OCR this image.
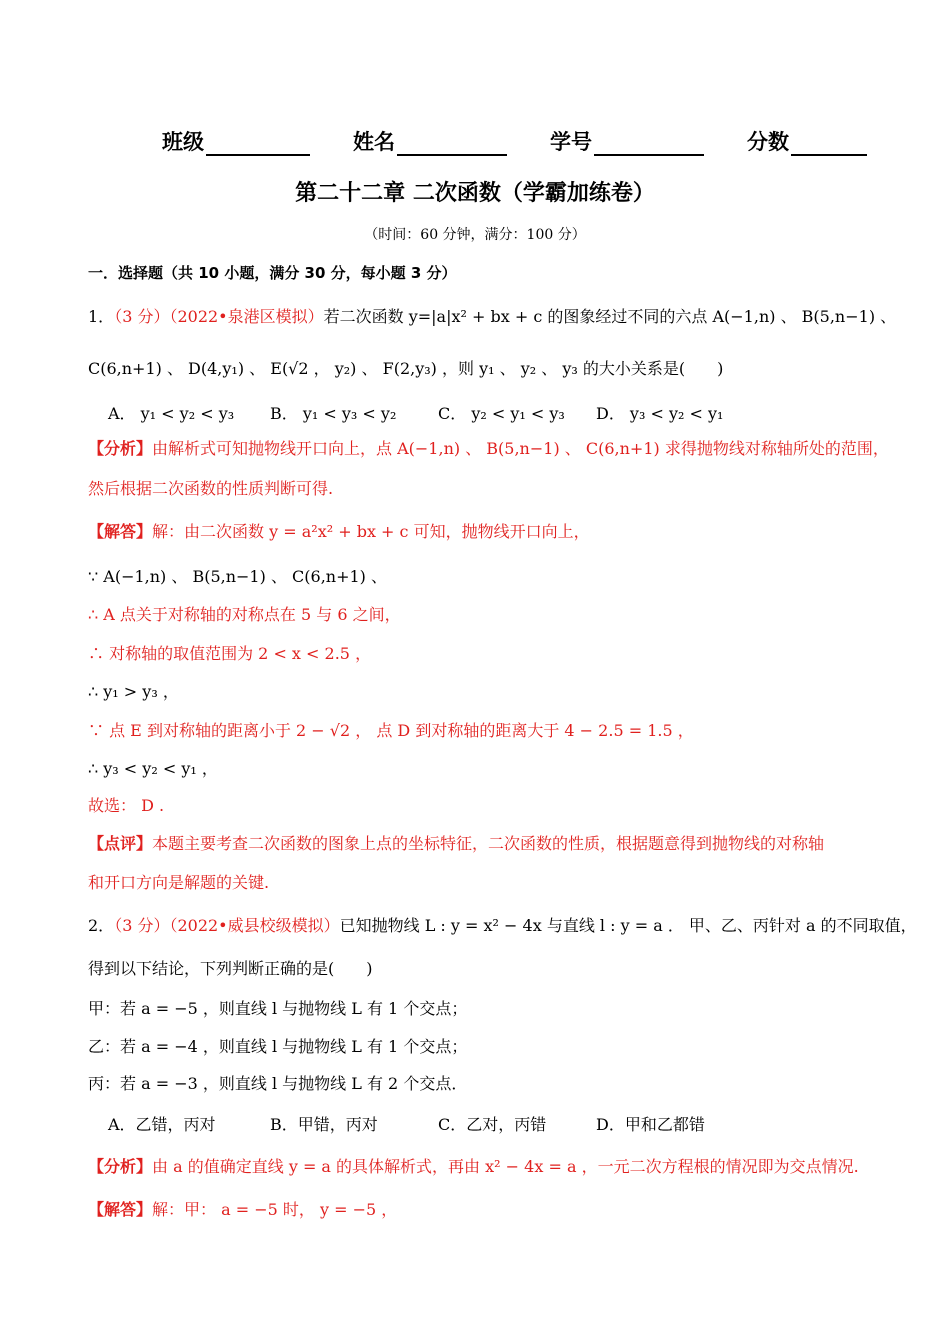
班级	姓名	学号	分数
第二十二章 二次函数（学霸加练卷）
（时间：60 分钟，满分：100 分）
一．选择题（共 10 小题，满分 30 分，每小题 3 分）
1．（3 分）（2022•泉港区模拟）若二次函数 y=|a|x² + bx + c 的图象经过不同的六点 A(−1,n) 、 B(5,n−1) 、
C(6,n+1) 、 D(4,y₁) 、 E(√2 ， y₂) 、 F(2,y₃) ，则 y₁ 、 y₂ 、 y₃ 的大小关系是(　　)
A． y₁ < y₂ < y₃	B． y₁ < y₃ < y₂	C． y₂ < y₁ < y₃	D． y₃ < y₂ < y₁
【分析】由解析式可知抛物线开口向上，点 A(−1,n) 、 B(5,n−1) 、 C(6,n+1) 求得抛物线对称轴所处的范围，
然后根据二次函数的性质判断可得.
【解答】解：由二次函数 y = a²x² + bx + c 可知，抛物线开口向上，
∵ A(−1,n) 、 B(5,n−1) 、 C(6,n+1) 、
∴ A 点关于对称轴的对称点在 5 与 6 之间，
∴ 对称轴的取值范围为 2 < x < 2.5 ，
∴ y₁ > y₃ ，
∵ 点 E 到对称轴的距离小于 2 − √2 ， 点 D 到对称轴的距离大于 4 − 2.5 = 1.5 ，
∴ y₃ < y₂ < y₁ ，
故选： D .
【点评】本题主要考查二次函数的图象上点的坐标特征，二次函数的性质，根据题意得到抛物线的对称轴
和开口方向是解题的关键.
2．（3 分）（2022•威县校级模拟）已知抛物线 L : y = x² − 4x 与直线 l : y = a ． 甲、乙、丙针对 a 的不同取值，
得到以下结论，下列判断正确的是(　　)
甲：若 a = −5 ，则直线 l 与抛物线 L 有 1 个交点；
乙：若 a = −4 ，则直线 l 与抛物线 L 有 1 个交点；
丙：若 a = −3 ，则直线 l 与抛物线 L 有 2 个交点．
A．乙错，丙对	B．甲错，丙对	C．乙对，丙错	D．甲和乙都错
【分析】由 a 的值确定直线 y = a 的具体解析式，再由 x² − 4x = a ，一元二次方程根的情况即为交点情况.
【解答】解：甲： a = −5 时， y = −5 ，
